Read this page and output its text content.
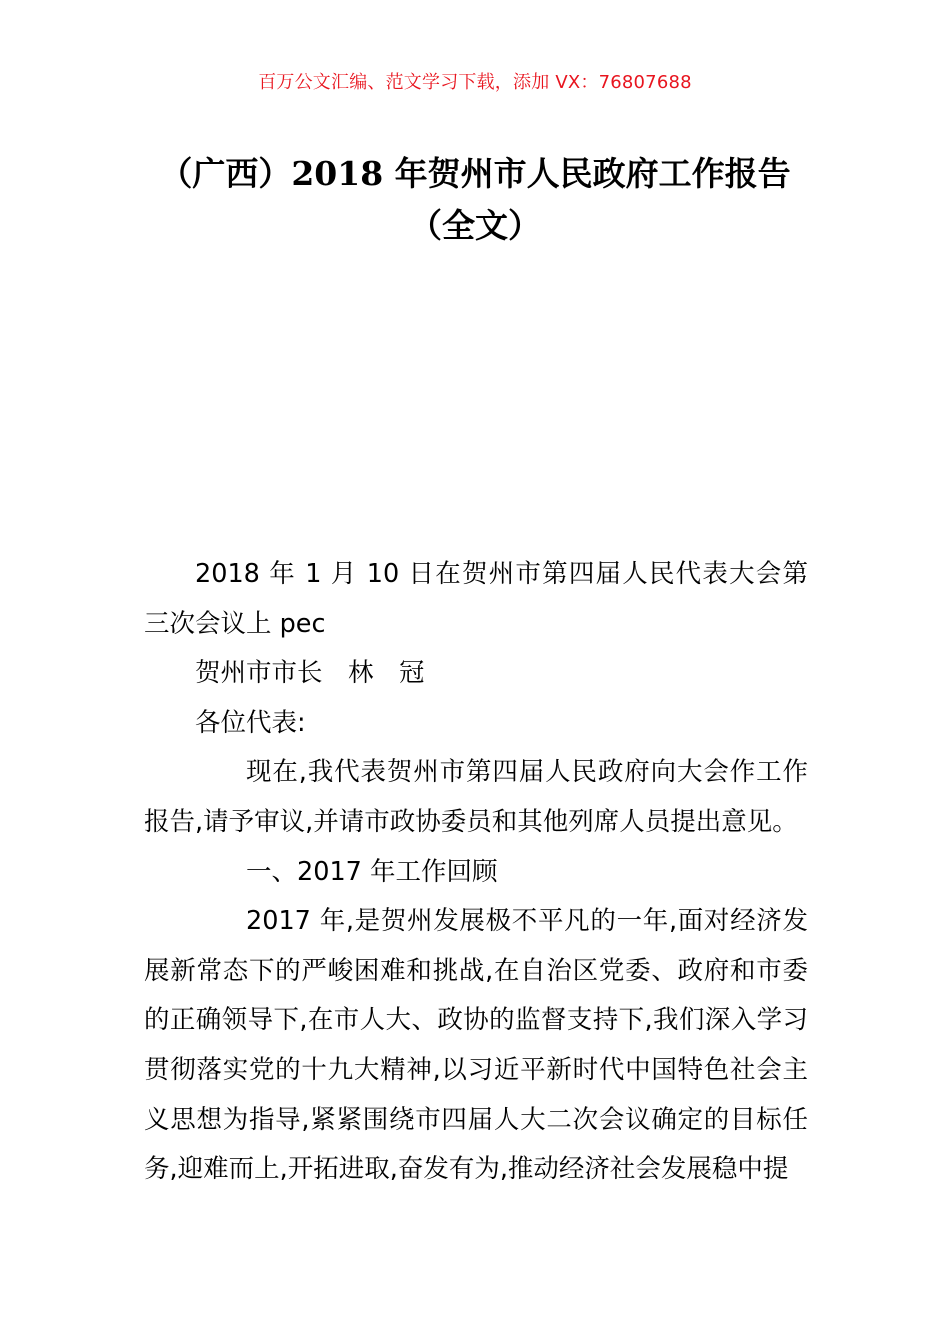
百万公文汇编、范文学习下载，添加 VX：76807688
（广西）2018 年贺州市人民政府工作报告
（全文）

2018 年 1 月 10 日在贺州市第四届人民代表大会第三次会议上 pec

贺州市市长　林　冠

各位代表:

现在,我代表贺州市第四届人民政府向大会作工作报告,请予审议,并请市政协委员和其他列席人员提出意见。

一、2017 年工作回顾

2017 年,是贺州发展极不平凡的一年,面对经济发展新常态下的严峻困难和挑战,在自治区党委、政府和市委的正确领导下,在市人大、政协的监督支持下,我们深入学习贯彻落实党的十九大精神,以习近平新时代中国特色社会主义思想为指导,紧紧围绕市四届人大二次会议确定的目标任务,迎难而上,开拓进取,奋发有为,推动经济社会发展稳中提
